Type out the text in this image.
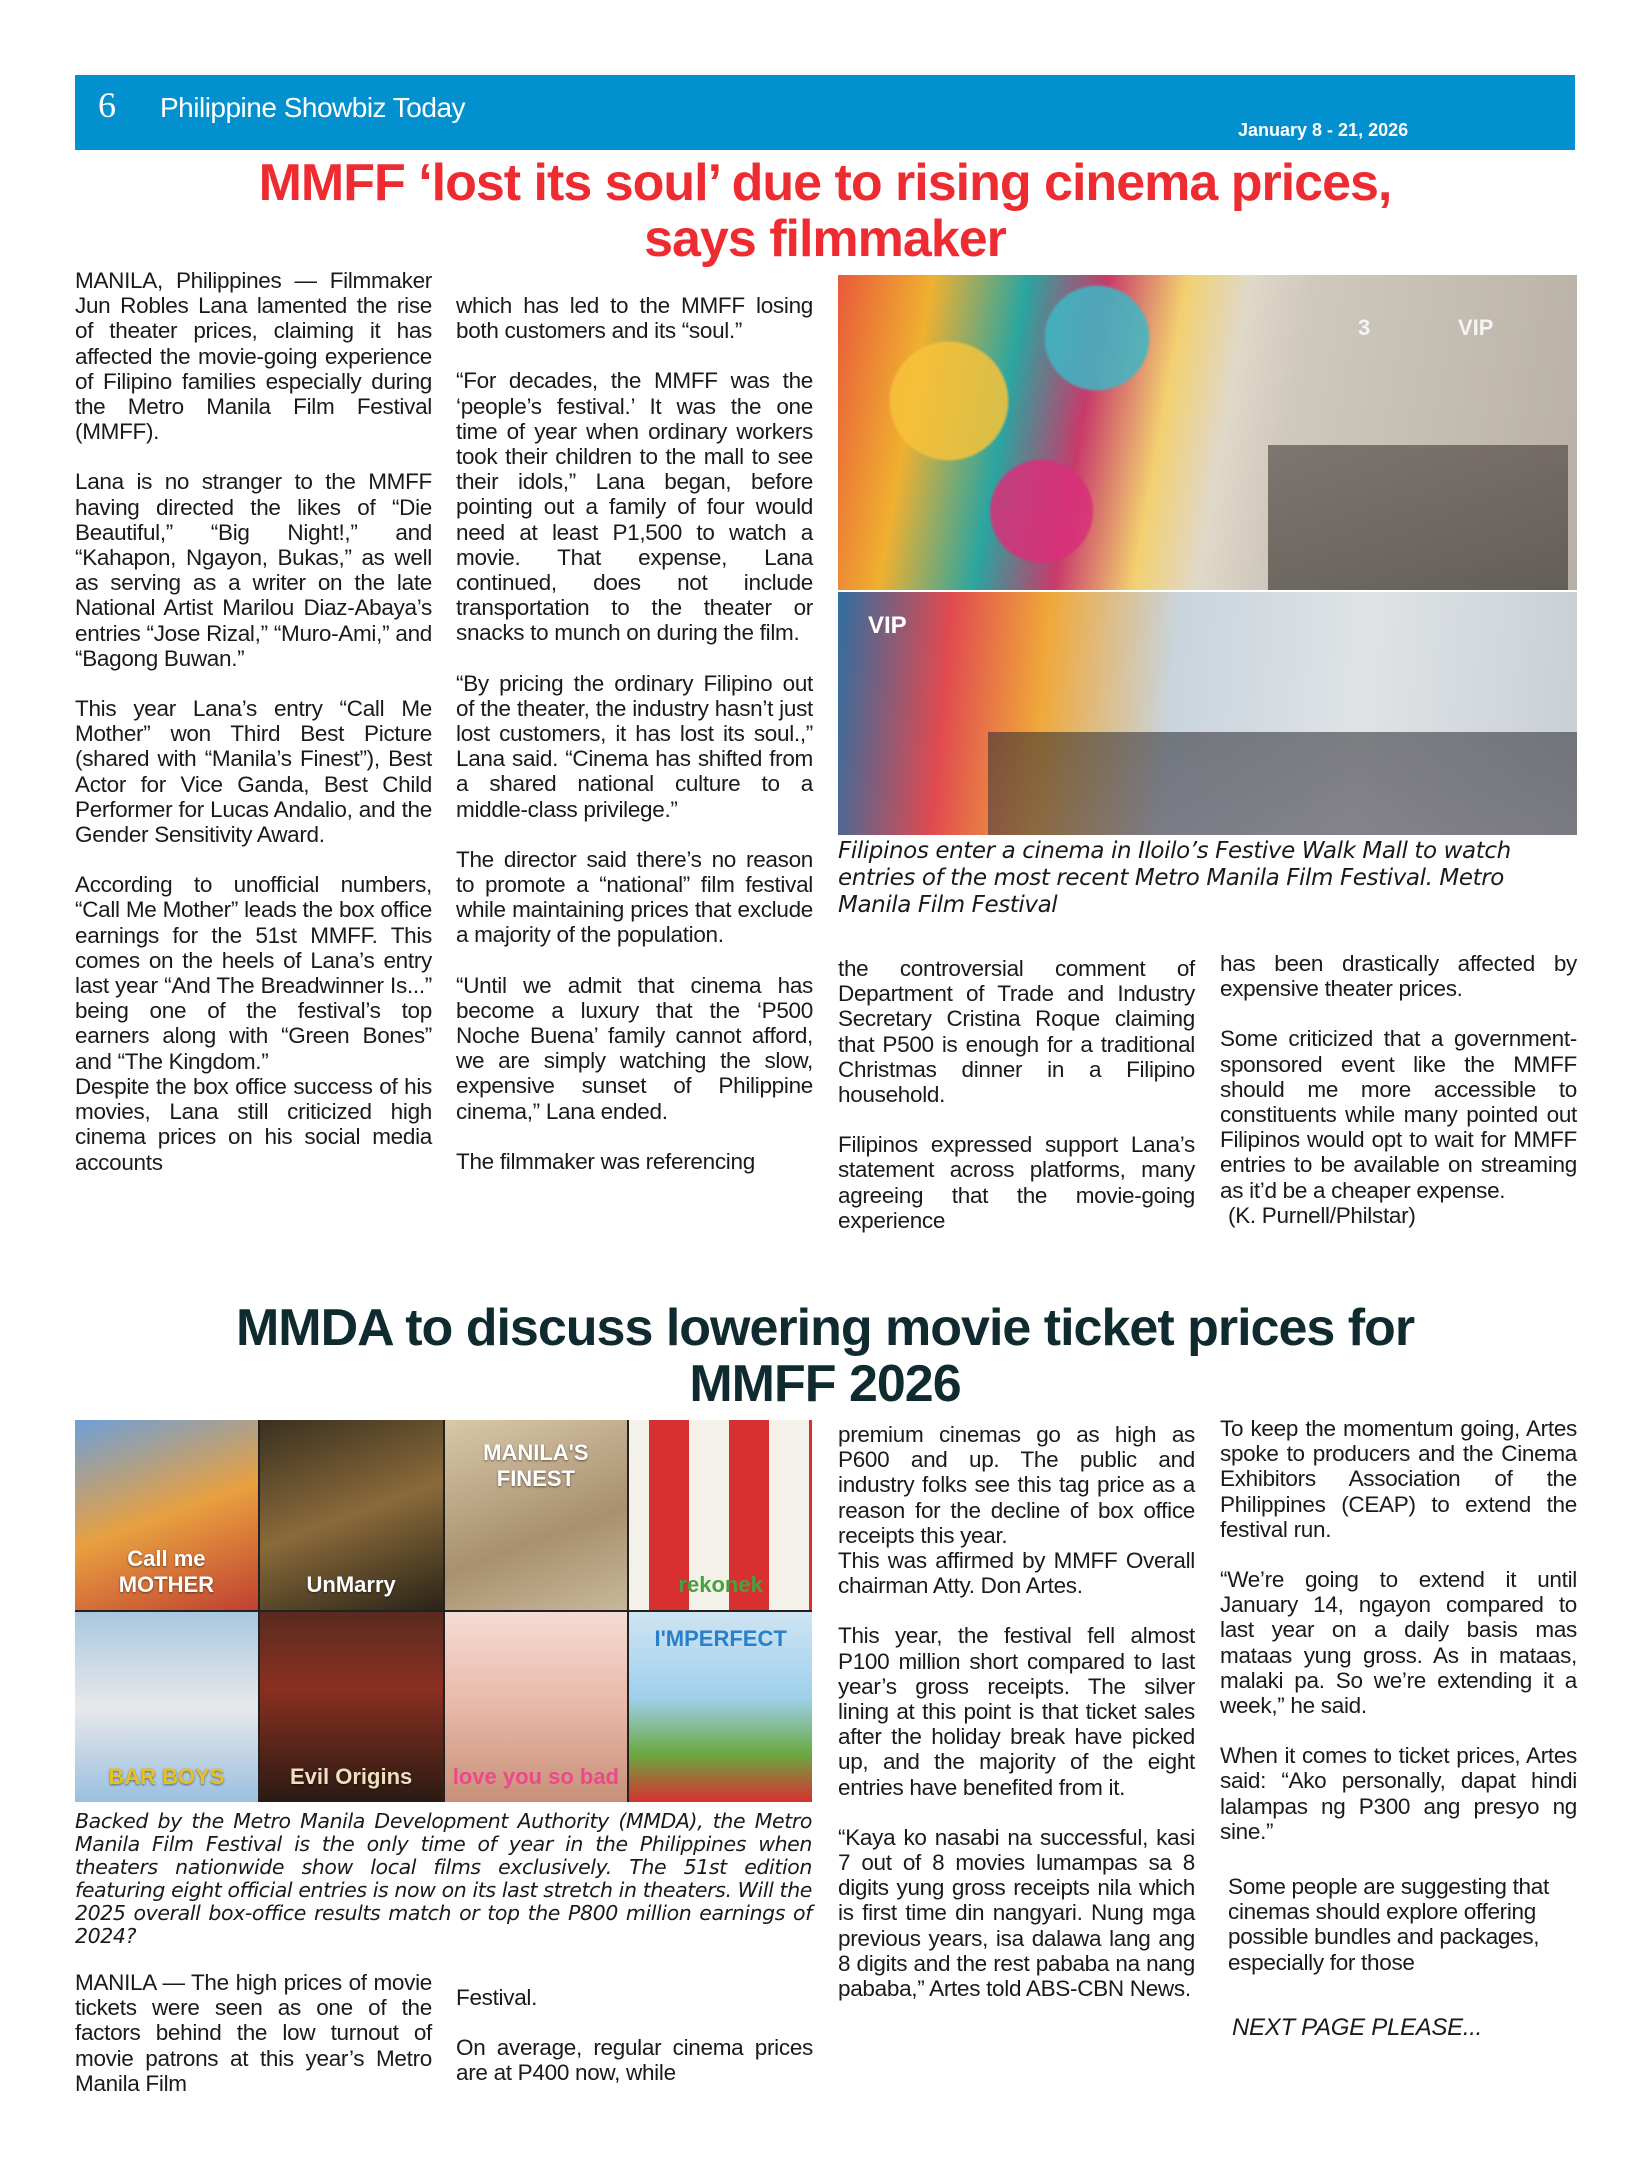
6 Philippine Showbiz Today
January 8 - 21, 2026
MMFF ‘lost its soul’ due to rising cinema prices,
says filmmaker

MANILA, Philippines — Filmmaker Jun Robles Lana lamented the rise of theater prices, claiming it has affected the movie-going experience of Filipino families especially during the Metro Manila Film Festival (MMFF).

Lana is no stranger to the MMFF having directed the likes of “Die Beautiful,” “Big Night!,” and “Kahapon, Ngayon, Bukas,” as well as serving as a writer on the late National Artist Marilou Diaz-Abaya’s entries “Jose Rizal,” “Muro-Ami,” and “Bagong Buwan.”

This year Lana’s entry “Call Me Mother” won Third Best Picture (shared with “Manila’s Finest”), Best Actor for Vice Ganda, Best Child Performer for Lucas Andalio, and the Gender Sensitivity Award.

According to unofficial numbers, “Call Me Mother” leads the box office earnings for the 51st MMFF. This comes on the heels of Lana’s entry last year “And The Breadwinner Is...” being one of the festival’s top earners along with “Green Bones” and “The Kingdom.”

Despite the box office success of his movies, Lana still criticized high cinema prices on his social media accounts

which has led to the MMFF losing both customers and its “soul.”

“For decades, the MMFF was the ‘people’s festival.’ It was the one time of year when ordinary workers took their children to the mall to see their idols,” Lana began, before pointing out a family of four would need at least P1,500 to watch a movie. That expense, Lana continued, does not include transportation to the theater or snacks to munch on during the film.

“By pricing the ordinary Filipino out of the theater, the industry hasn’t just lost customers, it has lost its soul.,” Lana said. “Cinema has shifted from a shared national culture to a middle-class privilege.”

The director said there’s no reason to promote a “national” film festival while maintaining prices that exclude a majority of the population.

“Until we admit that cinema has become a luxury that the ‘P500 Noche Buena’ family cannot afford, we are simply watching the slow, expensive sunset of Philippine cinema,” Lana ended.

The filmmaker was referencing

3	VIP
VIP
Filipinos enter a cinema in Iloilo’s Festive Walk Mall to watch entries of the most recent Metro Manila Film Festival. Metro Manila Film Festival

the controversial comment of Department of Trade and Industry Secretary Cristina Roque claiming that P500 is enough for a traditional Christmas dinner in a Filipino household.

Filipinos expressed support Lana’s statement across platforms, many agreeing that the movie-going experience

has been drastically affected by expensive theater prices.

Some criticized that a government-sponsored event like the MMFF should me more accessible to constituents while many pointed out Filipinos would opt to wait for MMFF entries to be available on streaming as it’d be a cheaper expense.

(K. Purnell/Philstar)
MMDA to discuss lowering movie ticket prices for
MMFF 2026
Call me MOTHER	UnMarry
MANILA'S FINEST
rekonek
BAR BOYS	Evil Origins love you so bad
I'MPERFECT
Backed by the Metro Manila Development Authority (MMDA), the Metro Manila Film Festival is the only time of year in the Philippines when theaters nationwide show local films exclusively. The 51st edition featuring eight official entries is now on its last stretch in theaters. Will the 2025 overall box-office results match or top the P800 million earnings of 2024?

MANILA — The high prices of movie tickets were seen as one of the factors behind the low turnout of movie patrons at this year’s Metro Manila Film

Festival.

On average, regular cinema prices are at P400 now, while

premium cinemas go as high as P600 and up. The public and industry folks see this tag price as a reason for the decline of box office receipts this year.

This was affirmed by MMFF Overall chairman Atty. Don Artes.

This year, the festival fell almost P100 million short compared to last year’s gross receipts. The silver lining at this point is that ticket sales after the holiday break have picked up, and the majority of the eight entries have benefited from it.

“Kaya ko nasabi na successful, kasi 7 out of 8 movies lumampas sa 8 digits yung gross receipts nila which is first time din nangyari. Nung mga previous years, isa dalawa lang ang 8 digits and the rest pababa na nang pababa,” Artes told ABS-CBN News.

To keep the momentum going, Artes spoke to producers and the Cinema Exhibitors Association of the Philippines (CEAP) to extend the festival run.

“We’re going to extend it until January 14, ngayon compared to last year on a daily basis mas mataas yung gross. As in mataas, malaki pa. So we’re extending it a week,” he said.

When it comes to ticket prices, Artes said: “Ako personally, dapat hindi lalampas ng P300 ang presyo ng sine.”

Some people are suggesting that cinemas should explore offering possible bundles and packages, especially for those

NEXT PAGE PLEASE...
